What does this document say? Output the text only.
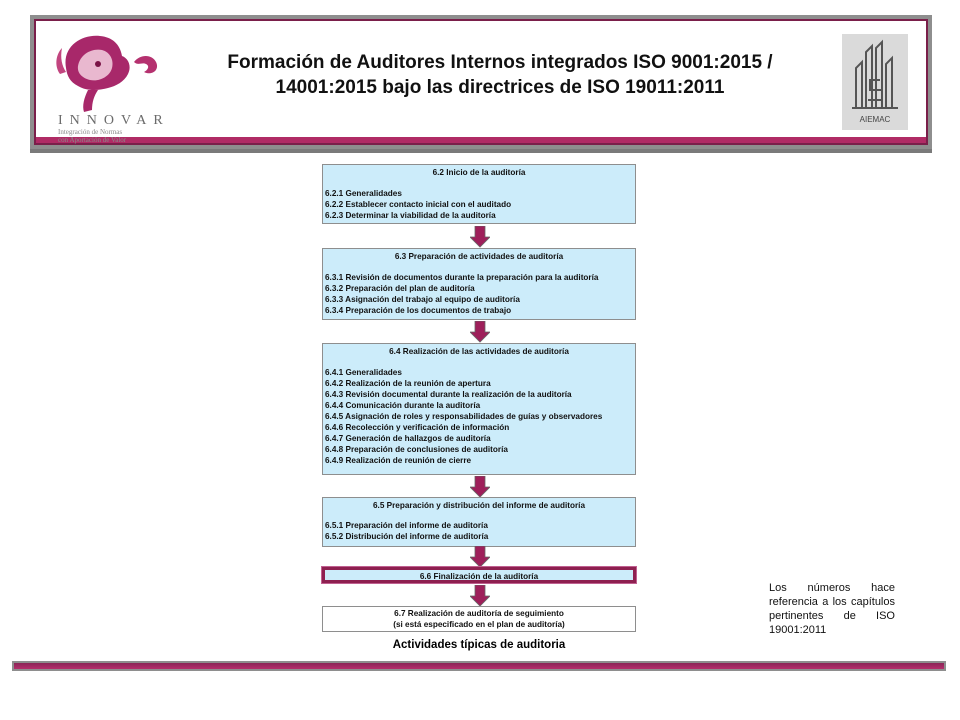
INNOVAR
Integración de Normas
con Aportación de Valor
Formación de Auditores Internos integrados ISO 9001:2015 / 14001:2015 bajo las directrices de ISO 19011:2011
AIEMAC
6.2 Inicio de la auditoría
6.2.1 Generalidades
6.2.2 Establecer contacto inicial con el auditado
6.2.3 Determinar la viabilidad de la auditoría
6.3 Preparación de actividades de auditoría
6.3.1 Revisión de documentos durante la preparación para la auditoría
6.3.2 Preparación del plan de auditoría
6.3.3 Asignación del trabajo al equipo de auditoría
6.3.4 Preparación de los documentos de trabajo
6.4 Realización de las actividades de auditoría
6.4.1 Generalidades
6.4.2 Realización de la reunión de apertura
6.4.3 Revisión documental durante la realización de la auditoría
6.4.4 Comunicación durante la auditoría
6.4.5 Asignación de roles y responsabilidades de guías y observadores
6.4.6 Recolección y verificación de información
6.4.7 Generación de hallazgos de auditoría
6.4.8 Preparación de conclusiones de auditoría
6.4.9 Realización de reunión de cierre
6.5 Preparación y distribución del informe de auditoría
6.5.1 Preparación del informe de auditoría
6.5.2 Distribución del informe de auditoría
6.6 Finalización de la auditoría
6.7 Realización de auditoría de seguimiento
(si está especificado en el plan de auditoría)
Actividades típicas de auditoria
Los números hace referencia a los capítulos pertinentes de ISO 19001:2011
